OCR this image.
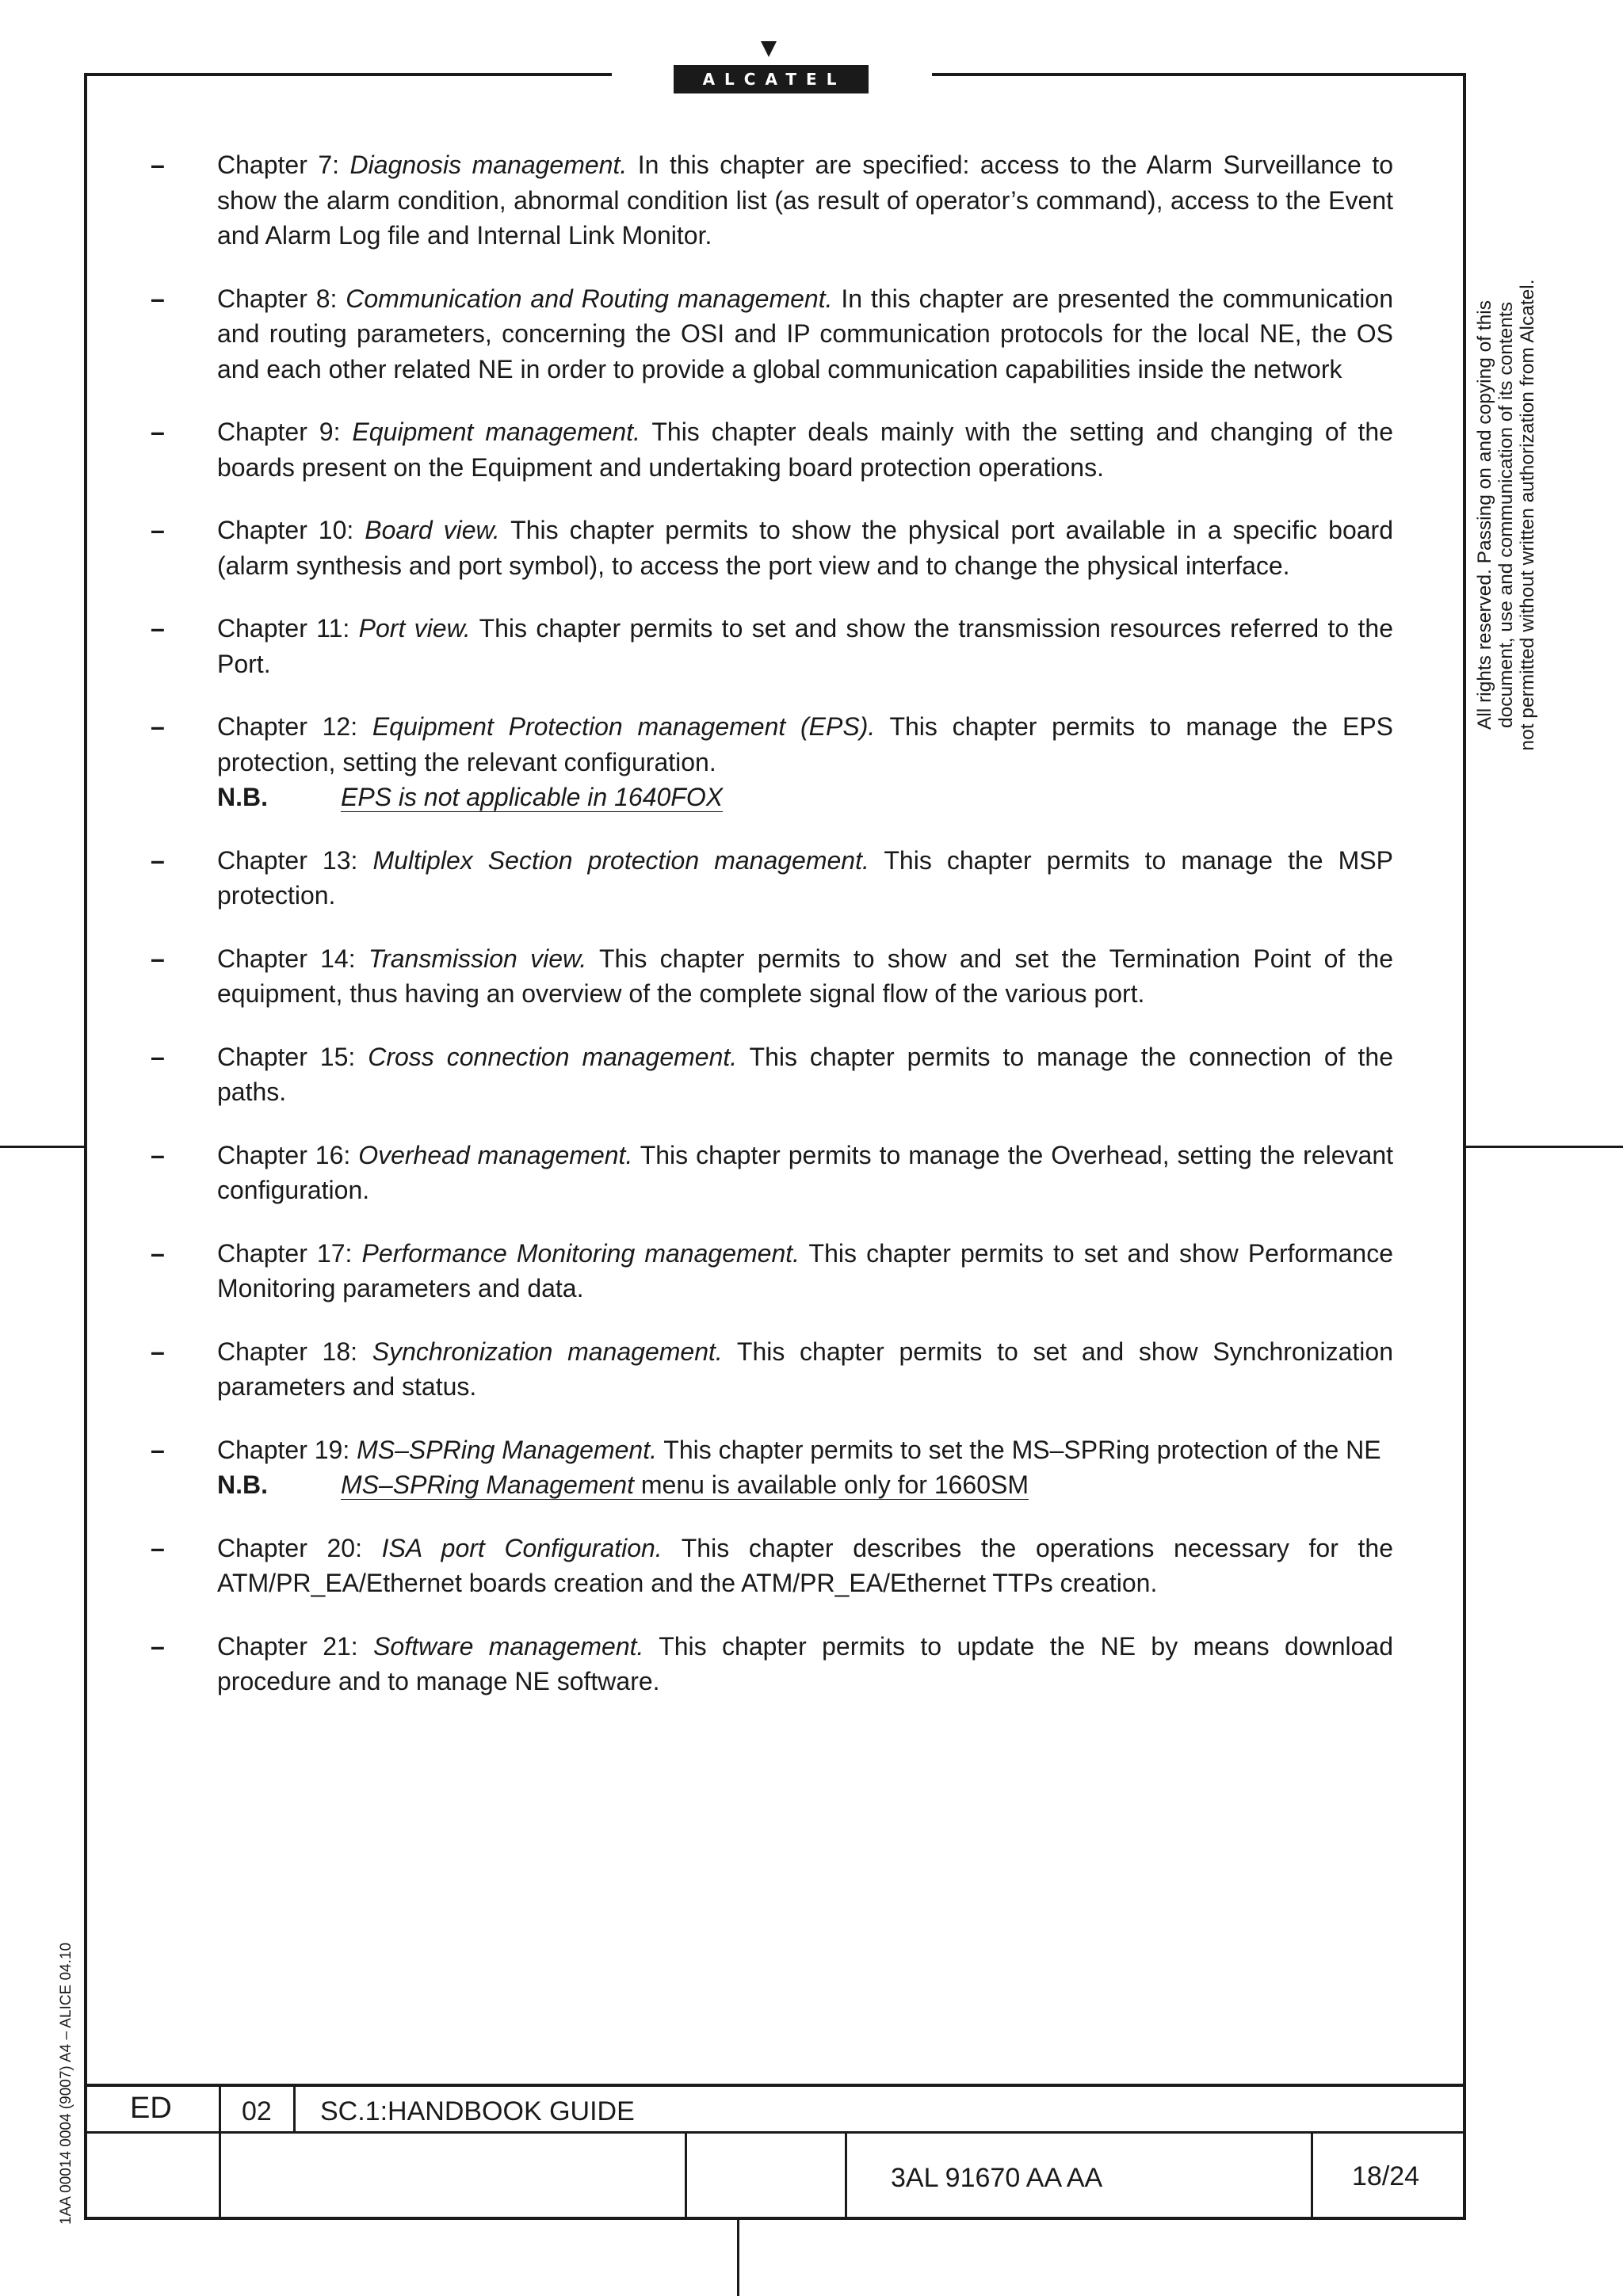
ALCATEL
– Chapter 7: Diagnosis management. In this chapter are specified: access to the Alarm Surveillance to show the alarm condition, abnormal condition list (as result of operator’s command), access to the Event and Alarm Log file and Internal Link Monitor.
– Chapter 8: Communication and Routing management. In this chapter are presented the communication and routing parameters, concerning the OSI and IP communication protocols for the local NE, the OS and each other related NE in order to provide a global communication capabilities inside the network
– Chapter 9: Equipment management. This chapter deals mainly with the setting and changing of the boards present on the Equipment and undertaking board protection operations.
– Chapter 10: Board view. This chapter permits to show the physical port available in a specific board (alarm synthesis and port symbol), to access the port view and to change the physical interface.
– Chapter 11: Port view. This chapter permits to set and show the transmission resources referred to the Port.
– Chapter 12: Equipment Protection management (EPS). This chapter permits to manage the EPS protection, setting the relevant configuration.
N.B.	EPS is not applicable in 1640FOX
– Chapter 13: Multiplex Section protection management. This chapter permits to manage the MSP protection.
– Chapter 14: Transmission view. This chapter permits to show and set the Termination Point of the equipment, thus having an overview of the complete signal flow of the various port.
– Chapter 15: Cross connection management. This chapter permits to manage the connection of the paths.
– Chapter 16: Overhead management. This chapter permits to manage the Overhead, setting the relevant configuration.
– Chapter 17: Performance Monitoring management. This chapter permits to set and show Performance Monitoring parameters and data.
– Chapter 18: Synchronization management. This chapter permits to set and show Synchronization parameters and status.
– Chapter 19: MS–SPRing Management. This chapter permits to set the MS–SPRing protection of the NE
N.B.	MS–SPRing Management menu is available only for 1660SM
– Chapter 20: ISA port Configuration. This chapter describes the operations necessary for the ATM/PR_EA/Ethernet boards creation and the ATM/PR_EA/Ethernet TTPs creation.
– Chapter 21: Software management. This chapter permits to update the NE by means download procedure and to manage NE software.
All rights reserved. Passing on and copying of this document, use and communication of its contents not permitted without written authorization from Alcatel.
1AA 00014 0004 (9007) A4 – ALICE 04.10 ED	02 SC.1:HANDBOOK GUIDE
3AL 91670 AA AA	18/24
